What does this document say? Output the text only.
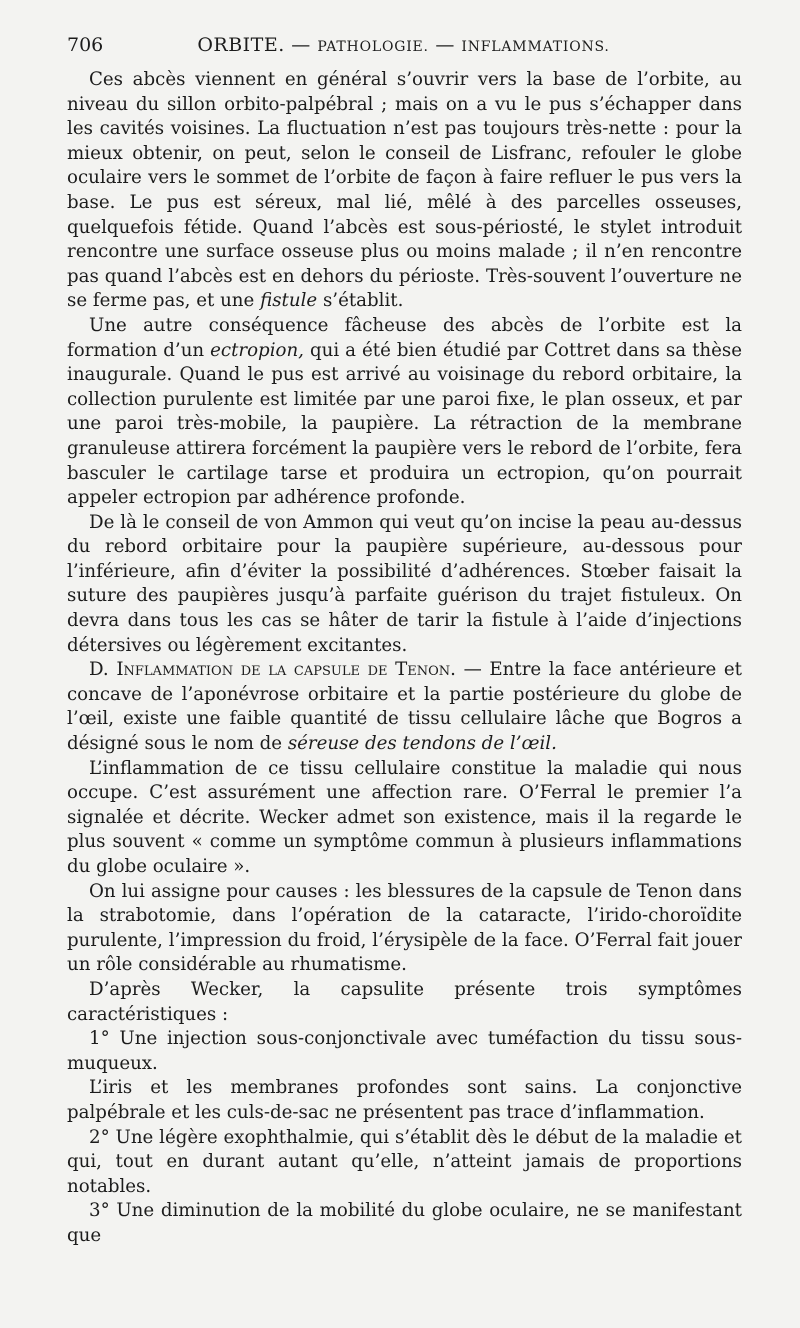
706	ORBITE. — PATHOLOGIE. — INFLAMMATIONS.

Ces abcès viennent en général s’ouvrir vers la base de l’orbite, au niveau du sillon orbito-palpébral ; mais on a vu le pus s’échapper dans les cavités voisines. La fluctuation n’est pas toujours très-nette : pour la mieux obtenir, on peut, selon le conseil de Lisfranc, refouler le globe oculaire vers le sommet de l’orbite de façon à faire refluer le pus vers la base. Le pus est séreux, mal lié, mêlé à des parcelles osseuses, quelquefois fétide. Quand l’abcès est sous-périosté, le stylet introduit rencontre une surface osseuse plus ou moins malade ; il n’en rencontre pas quand l’abcès est en dehors du périoste. Très-souvent l’ouverture ne se ferme pas, et une fistule s’établit.

Une autre conséquence fâcheuse des abcès de l’orbite est la formation d’un ectropion, qui a été bien étudié par Cottret dans sa thèse inaugurale. Quand le pus est arrivé au voisinage du rebord orbitaire, la collection purulente est limitée par une paroi fixe, le plan osseux, et par une paroi très-mobile, la paupière. La rétraction de la membrane granuleuse attirera forcément la paupière vers le rebord de l’orbite, fera basculer le cartilage tarse et produira un ectropion, qu’on pourrait appeler ectropion par adhérence profonde.

De là le conseil de von Ammon qui veut qu’on incise la peau au-dessus du rebord orbitaire pour la paupière supérieure, au-dessous pour l’inférieure, afin d’éviter la possibilité d’adhérences. Stœber faisait la suture des paupières jusqu’à parfaite guérison du trajet fistuleux. On devra dans tous les cas se hâter de tarir la fistule à l’aide d’injections détersives ou légèrement excitantes.

D. Inflammation de la capsule de Tenon. — Entre la face antérieure et concave de l’aponévrose orbitaire et la partie postérieure du globe de l’œil, existe une faible quantité de tissu cellulaire lâche que Bogros a désigné sous le nom de séreuse des tendons de l’œil.

L’inflammation de ce tissu cellulaire constitue la maladie qui nous occupe. C’est assurément une affection rare. O’Ferral le premier l’a signalée et décrite. Wecker admet son existence, mais il la regarde le plus souvent « comme un symptôme commun à plusieurs inflammations du globe oculaire ».

On lui assigne pour causes : les blessures de la capsule de Tenon dans la strabotomie, dans l’opération de la cataracte, l’irido-choroïdite purulente, l’impression du froid, l’érysipèle de la face. O’Ferral fait jouer un rôle considérable au rhumatisme.

D’après Wecker, la capsulite présente trois symptômes caractéristiques :

1° Une injection sous-conjonctivale avec tuméfaction du tissu sous-muqueux.

L’iris et les membranes profondes sont sains. La conjonctive palpébrale et les culs-de-sac ne présentent pas trace d’inflammation.

2° Une légère exophthalmie, qui s’établit dès le début de la maladie et qui, tout en durant autant qu’elle, n’atteint jamais de proportions notables.

3° Une diminution de la mobilité du globe oculaire, ne se manifestant que
